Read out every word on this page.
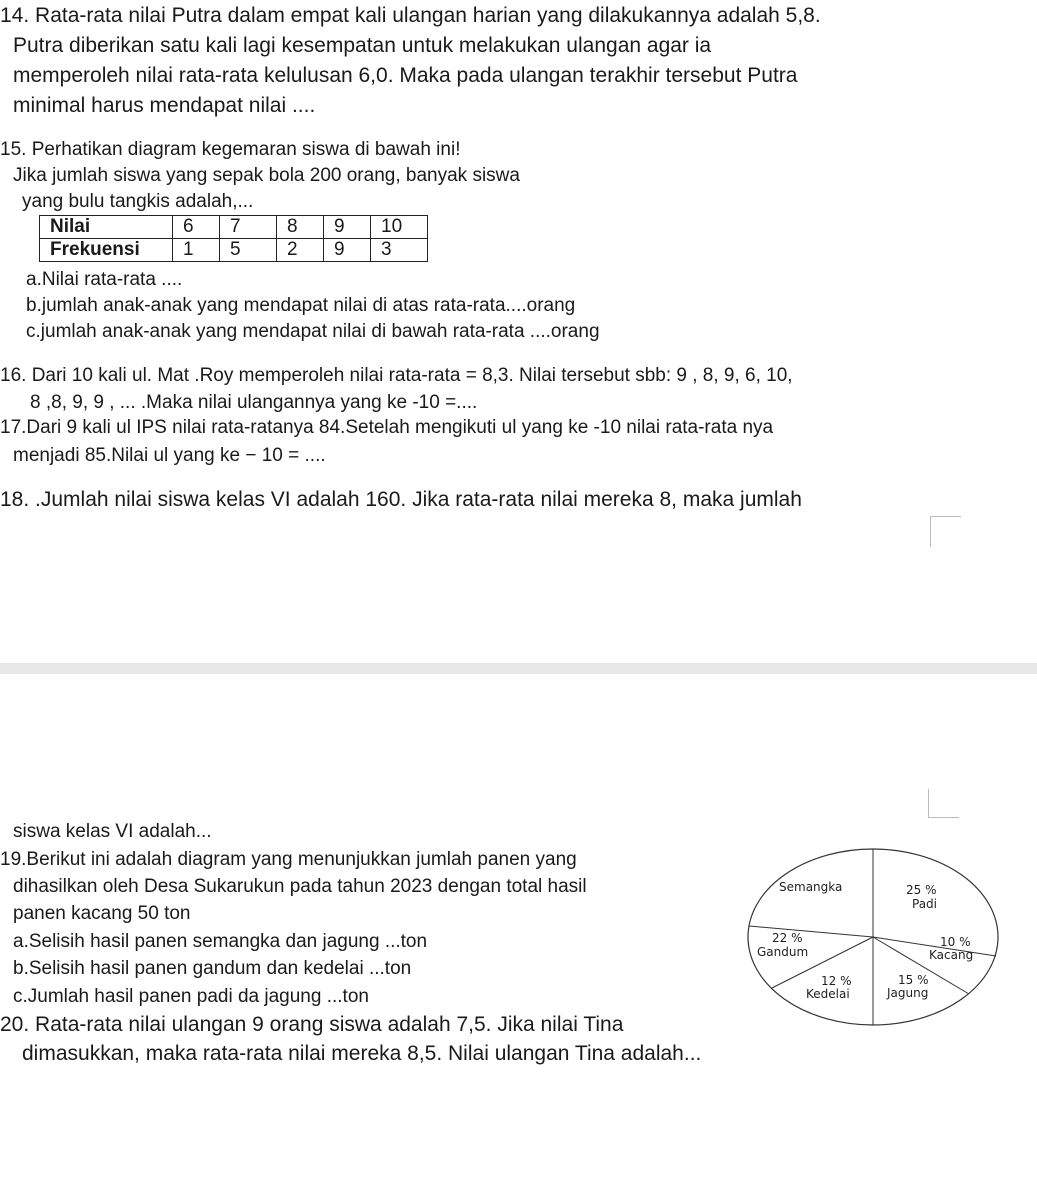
14. Rata-rata nilai Putra dalam empat kali ulangan harian yang dilakukannya adalah 5,8.
Putra diberikan satu kali lagi kesempatan untuk melakukan ulangan agar ia
memperoleh nilai rata-rata kelulusan 6,0. Maka pada ulangan terakhir tersebut Putra
minimal harus mendapat nilai ....
15. Perhatikan diagram kegemaran siswa di bawah ini!
Jika jumlah siswa yang sepak bola 200 orang, banyak siswa
yang bulu tangkis adalah,...
Nilai	6	7	8	9	10
Frekuensi	1	5	2	9	3
a.Nilai rata-rata ....
b.jumlah anak-anak yang mendapat nilai di atas rata-rata....orang
c.jumlah anak-anak yang mendapat nilai di bawah rata-rata ....orang
16. Dari 10 kali ul. Mat .Roy memperoleh nilai rata-rata = 8,3. Nilai tersebut sbb: 9 , 8, 9, 6, 10,
8 ,8, 9, 9 , ... .Maka nilai ulangannya yang ke -10 =....
17.Dari 9 kali ul IPS nilai rata-ratanya 84.Setelah mengikuti ul yang ke -10 nilai rata-rata nya
menjadi 85.Nilai ul yang ke − 10 = ....
18. .Jumlah nilai siswa kelas VI adalah 160. Jika rata-rata nilai mereka 8, maka jumlah
siswa kelas VI adalah...
19.Berikut ini adalah diagram yang menunjukkan jumlah panen yang
dihasilkan oleh Desa Sukarukun pada tahun 2023 dengan total hasil
panen kacang 50 ton
a.Selisih hasil panen semangka dan jagung ...ton
b.Selisih hasil panen gandum dan kedelai ...ton
c.Jumlah hasil panen padi da jagung ...ton
Semangka	25 %
Padi
22 %
Gandum
10 %
Kacang
12 %
Kedelai
15 %
Jagung
20. Rata-rata nilai ulangan 9 orang siswa adalah 7,5. Jika nilai Tina
dimasukkan, maka rata-rata nilai mereka 8,5. Nilai ulangan Tina adalah...
